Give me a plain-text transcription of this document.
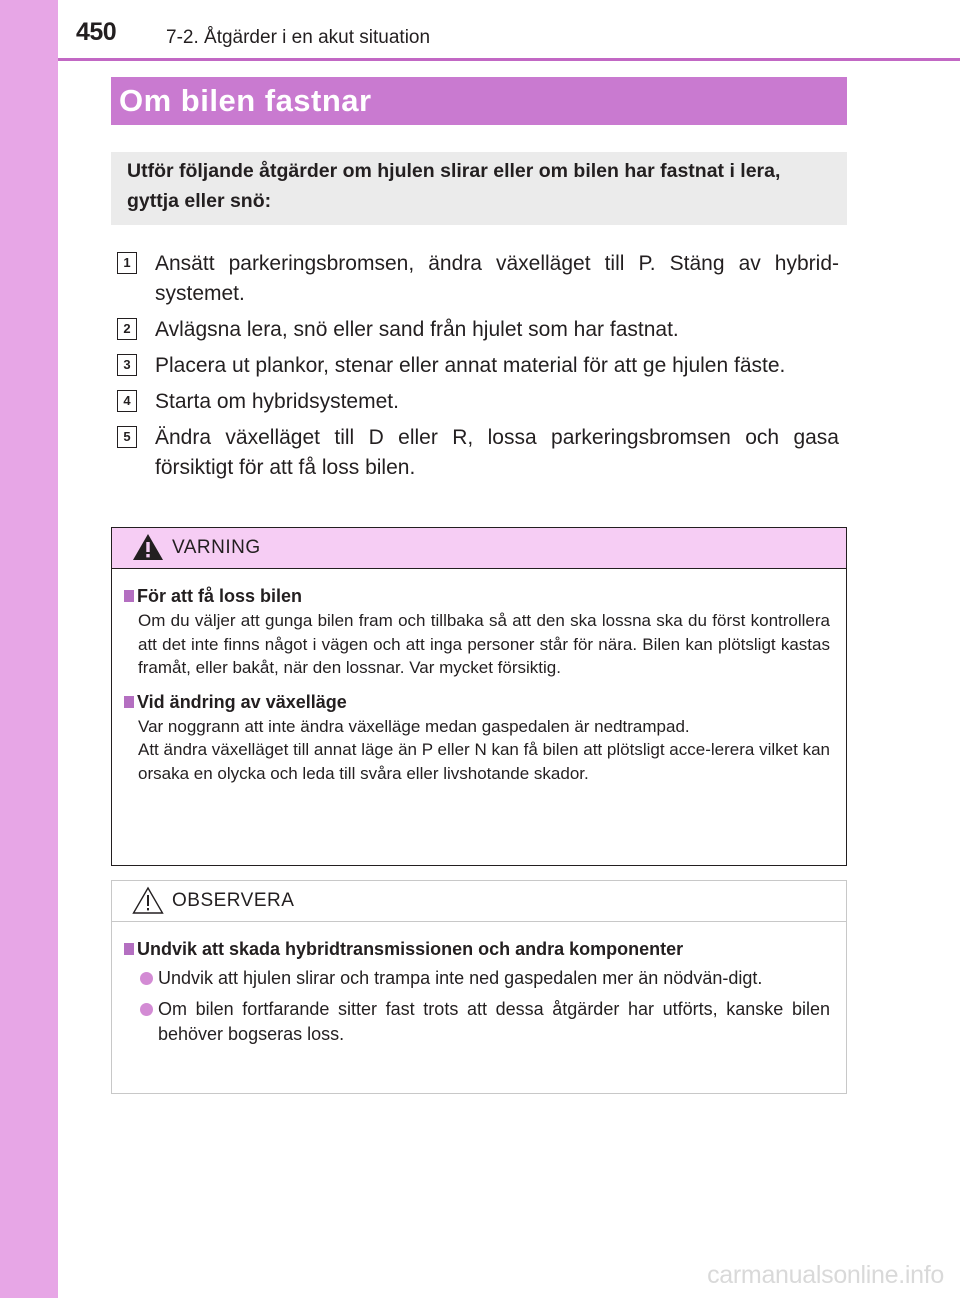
450	7-2. Åtgärder i en akut situation
Om bilen fastnar
Utför följande åtgärder om hjulen slirar eller om bilen har fastnat i lera, gyttja eller snö:
1	Ansätt parkeringsbromsen, ändra växelläget till P. Stäng av hybrid-systemet.
2	Avlägsna lera, snö eller sand från hjulet som har fastnat.
3	Placera ut plankor, stenar eller annat material för att ge hjulen fäste.
4	Starta om hybridsystemet.
5	Ändra växelläget till D eller R, lossa parkeringsbromsen och gasa försiktigt för att få loss bilen.
VARNING
För att få loss bilen
Om du väljer att gunga bilen fram och tillbaka så att den ska lossna ska du först kontrollera att det inte finns något i vägen och att inga personer står för nära. Bilen kan plötsligt kastas framåt, eller bakåt, när den lossnar. Var mycket försiktig.
Vid ändring av växelläge
Var noggrann att inte ändra växelläge medan gaspedalen är nedtrampad.
Att ändra växelläget till annat läge än P eller N kan få bilen att plötsligt acce-lerera vilket kan orsaka en olycka och leda till svåra eller livshotande skador.
OBSERVERA
Undvik att skada hybridtransmissionen och andra komponenter
Undvik att hjulen slirar och trampa inte ned gaspedalen mer än nödvän-digt.
Om bilen fortfarande sitter fast trots att dessa åtgärder har utförts, kanske bilen behöver bogseras loss.
carmanualsonline.info
